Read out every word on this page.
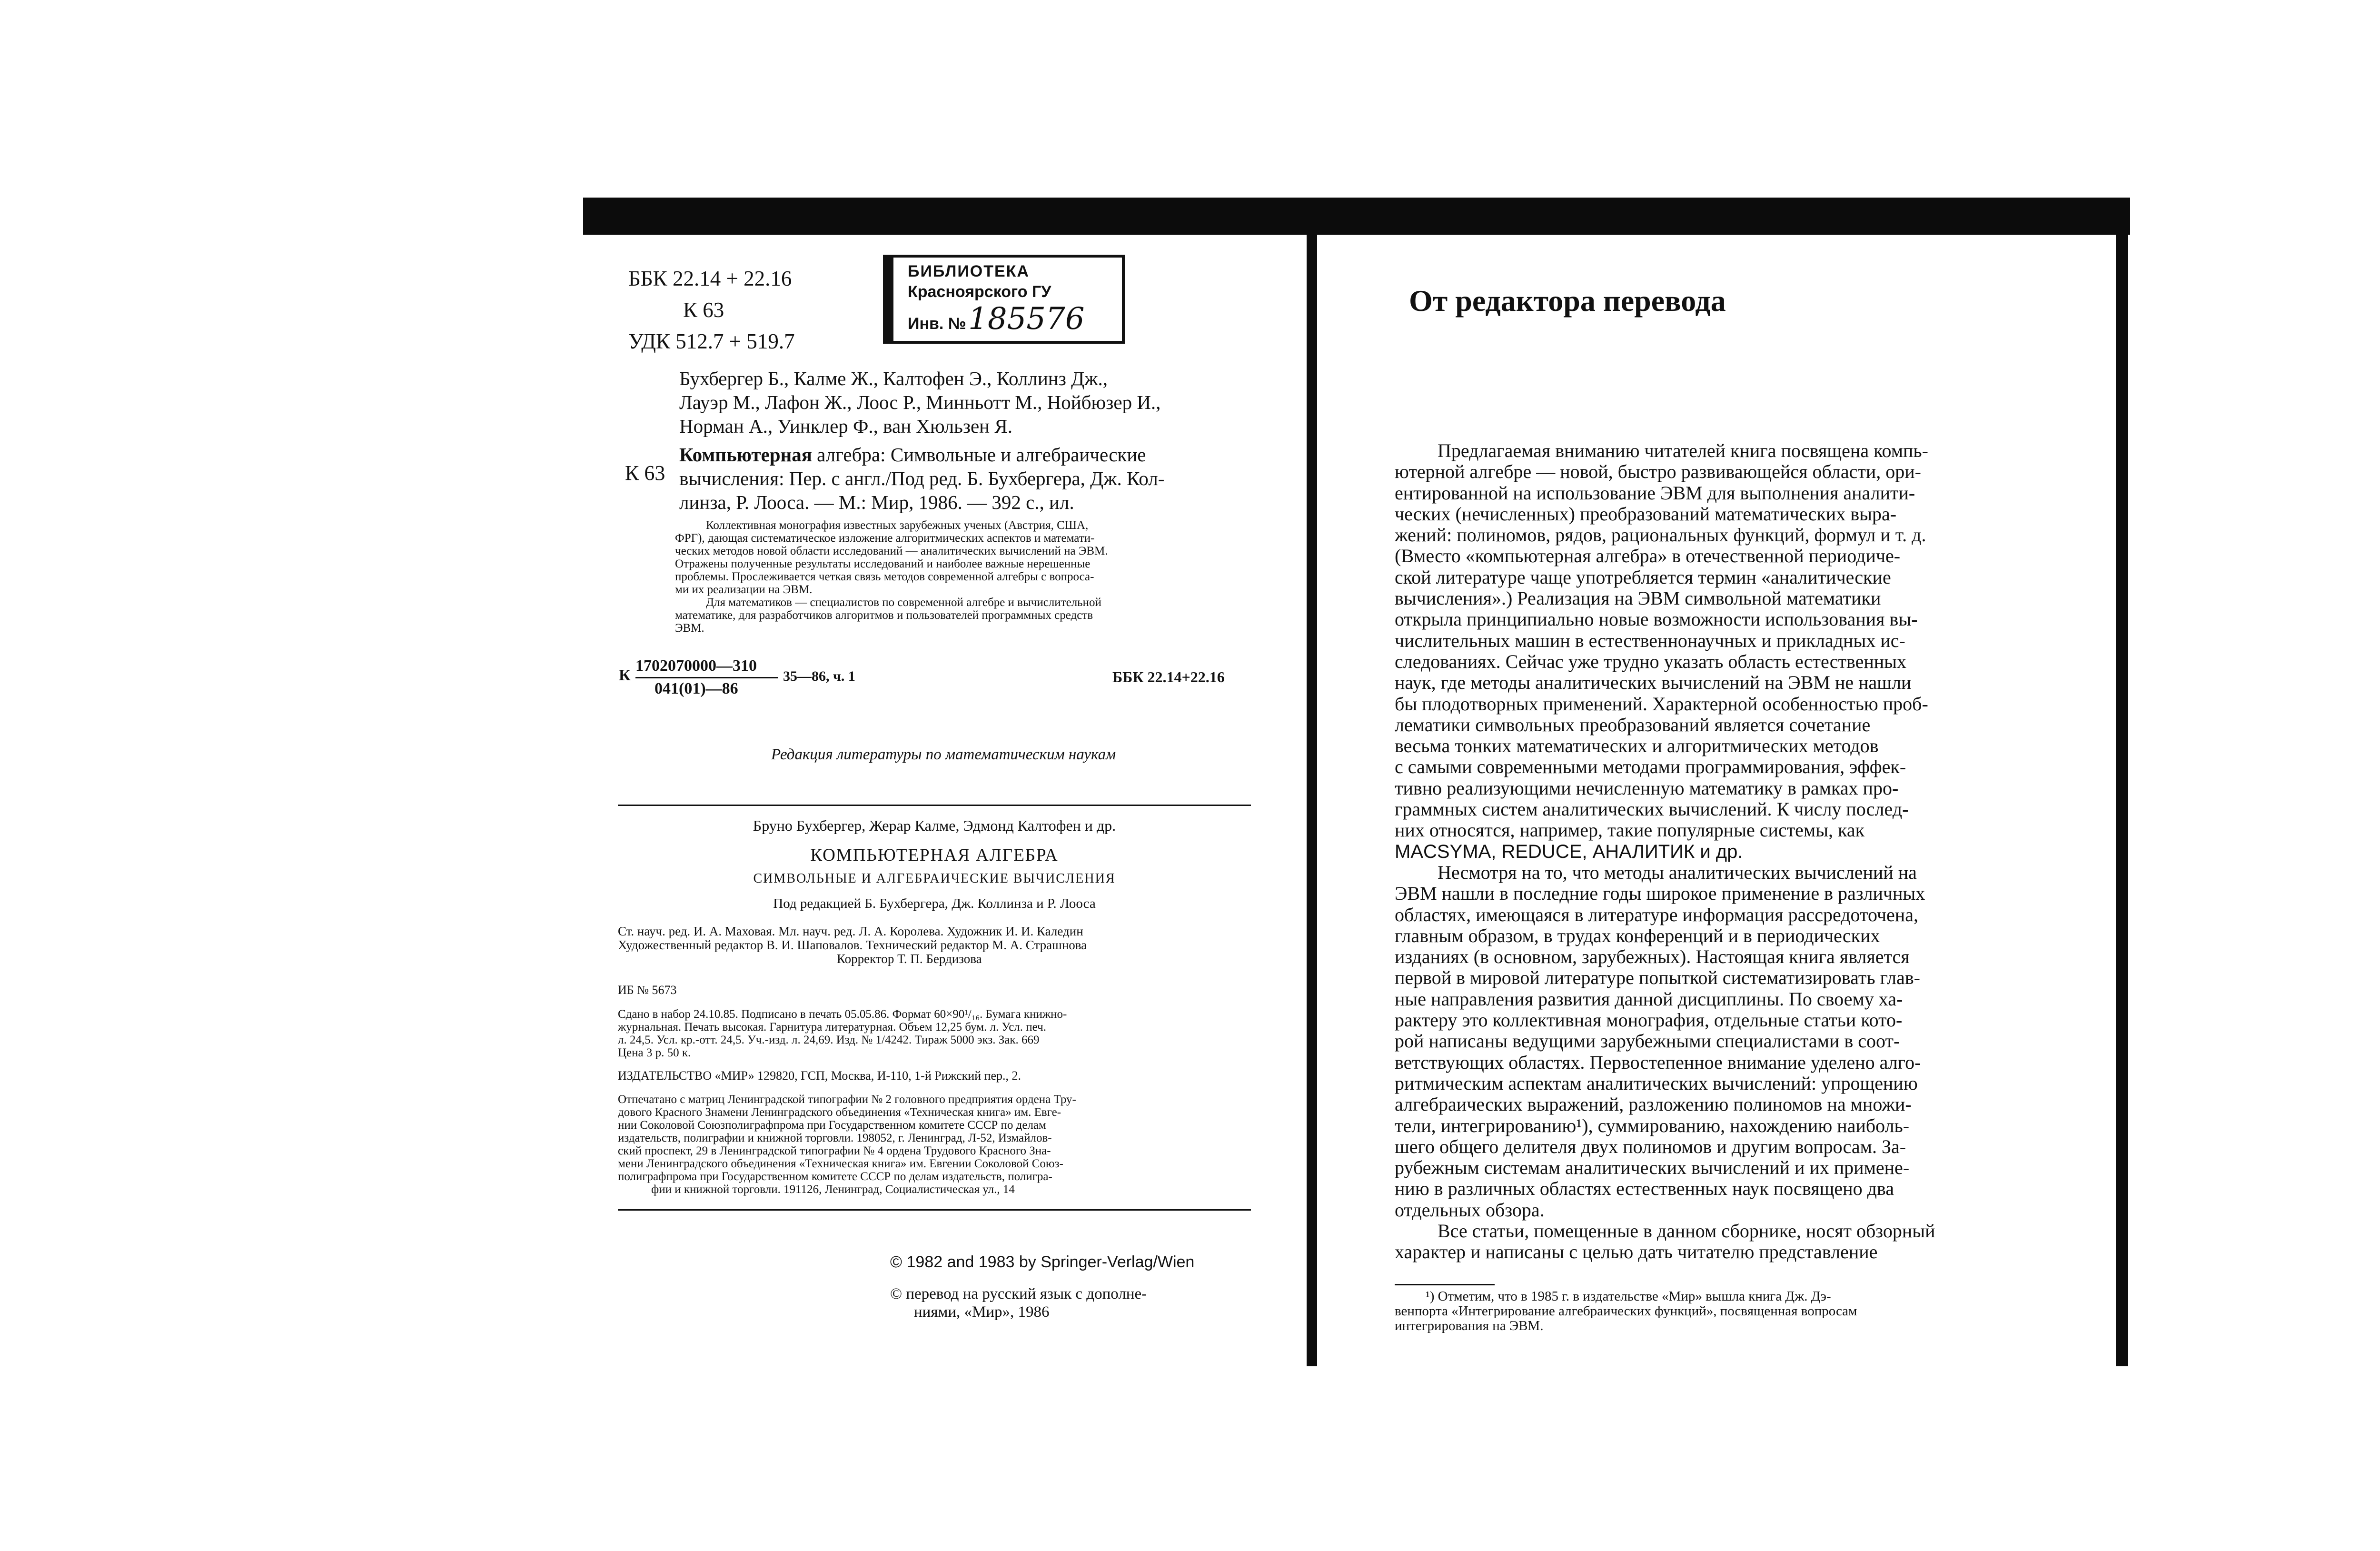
ББК 22.14 + 22.16
К 63
УДК 512.7 + 519.7
БИБЛИОТЕКА
Красноярского ГУ
Инв. № 185576
Бухбергер Б., Калме Ж., Калтофен Э., Коллинз Дж.,
Лауэр М., Лафон Ж., Лоос Р., Минньотт М., Нойбюзер И.,
Норман А., Уинклер Ф., ван Хюльзен Я.
К 63
Компьютерная алгебра: Символьные и алгебраические
вычисления: Пер. с англ./Под ред. Б. Бухбергера, Дж. Кол-
линза, Р. Лооса. — М.: Мир, 1986. — 392 с., ил.
Коллективная монография известных зарубежных ученых (Австрия, США,
ФРГ), дающая систематическое изложение алгоритмических аспектов и математи-
ческих методов новой области исследований — аналитических вычислений на ЭВМ.
Отражены полученные результаты исследований и наиболее важные нерешенные
проблемы. Прослеживается четкая связь методов современной алгебры с вопроса-
ми их реализации на ЭВМ.
Для математиков — специалистов по современной алгебре и вычислительной
математике, для разработчиков алгоритмов и пользователей программных средств
ЭВМ.
К
1702070000—310
041(01)—86
35—86, ч. 1	ББК 22.14+22.16
Редакция литературы по математическим наукам
Бруно Бухбергер, Жерар Калме, Эдмонд Калтофен и др.
КОМПЬЮТЕРНАЯ АЛГЕБРА
СИМВОЛЬНЫЕ И АЛГЕБРАИЧЕСКИЕ ВЫЧИСЛЕНИЯ
Под редакцией Б. Бухбергера, Дж. Коллинза и Р. Лооса
Ст. науч. ред. И. А. Маховая. Мл. науч. ред. Л. А. Королева. Художник И. И. Каледин
Художественный редактор В. И. Шаповалов. Технический редактор М. А. Страшнова
Корректор Т. П. Бердизова
ИБ № 5673
Сдано в набор 24.10.85. Подписано в печать 05.05.86. Формат 60×90¹/₁₆. Бумага книжно-
журнальная. Печать высокая. Гарнитура литературная. Объем 12,25 бум. л. Усл. печ.
л. 24,5. Усл. кр.-отт. 24,5. Уч.-изд. л. 24,69. Изд. № 1/4242. Тираж 5000 экз. Зак. 669
Цена 3 р. 50 к.
ИЗДАТЕЛЬСТВО «МИР» 129820, ГСП, Москва, И-110, 1-й Рижский пер., 2.
Отпечатано с матриц Ленинградской типографии № 2 головного предприятия ордена Тру-
дового Красного Знамени Ленинградского объединения «Техническая книга» им. Евге-
нии Соколовой Союзполиграфпрома при Государственном комитете СССР по делам
издательств, полиграфии и книжной торговли. 198052, г. Ленинград, Л-52, Измайлов-
ский проспект, 29 в Ленинградской типографии № 4 ордена Трудового Красного Зна-
мени Ленинградского объединения «Техническая книга» им. Евгении Соколовой Союз-
полиграфпрома при Государственном комитете СССР по делам издательств, полигра-
фии и книжной торговли. 191126, Ленинград, Социалистическая ул., 14
© 1982 and 1983 by Springer-Verlag/Wien
© перевод на русский язык с дополне-
ниями, «Мир», 1986
От редактора перевода
Предлагаемая вниманию читателей книга посвящена компь-
ютерной алгебре — новой, быстро развивающейся области, ори-
ентированной на использование ЭВМ для выполнения аналити-
ческих (нечисленных) преобразований математических выра-
жений: полиномов, рядов, рациональных функций, формул и т. д.
(Вместо «компьютерная алгебра» в отечественной периодиче-
ской литературе чаще употребляется термин «аналитические
вычисления».) Реализация на ЭВМ символьной математики
открыла принципиально новые возможности использования вы-
числительных машин в естественнонаучных и прикладных ис-
следованиях. Сейчас уже трудно указать область естественных
наук, где методы аналитических вычислений на ЭВМ не нашли
бы плодотворных применений. Характерной особенностью проб-
лематики символьных преобразований является сочетание
весьма тонких математических и алгоритмических методов
с самыми современными методами программирования, эффек-
тивно реализующими нечисленную математику в рамках про-
граммных систем аналитических вычислений. К числу послед-
них относятся, например, такие популярные системы, как
MACSYMA, REDUCE, АНАЛИТИК и др.
Несмотря на то, что методы аналитических вычислений на
ЭВМ нашли в последние годы широкое применение в различных
областях, имеющаяся в литературе информация рассредоточена,
главным образом, в трудах конференций и в периодических
изданиях (в основном, зарубежных). Настоящая книга является
первой в мировой литературе попыткой систематизировать глав-
ные направления развития данной дисциплины. По своему ха-
рактеру это коллективная монография, отдельные статьи кото-
рой написаны ведущими зарубежными специалистами в соот-
ветствующих областях. Первостепенное внимание уделено алго-
ритмическим аспектам аналитических вычислений: упрощению
алгебраических выражений, разложению полиномов на множи-
тели, интегрированию¹), суммированию, нахождению наиболь-
шего общего делителя двух полиномов и другим вопросам. За-
рубежным системам аналитических вычислений и их примене-
нию в различных областях естественных наук посвящено два
отдельных обзора.
Все статьи, помещенные в данном сборнике, носят обзорный
характер и написаны с целью дать читателю представление
¹) Отметим, что в 1985 г. в издательстве «Мир» вышла книга Дж. Дэ-
венпорта «Интегрирование алгебраических функций», посвященная вопросам
интегрирования на ЭВМ.
